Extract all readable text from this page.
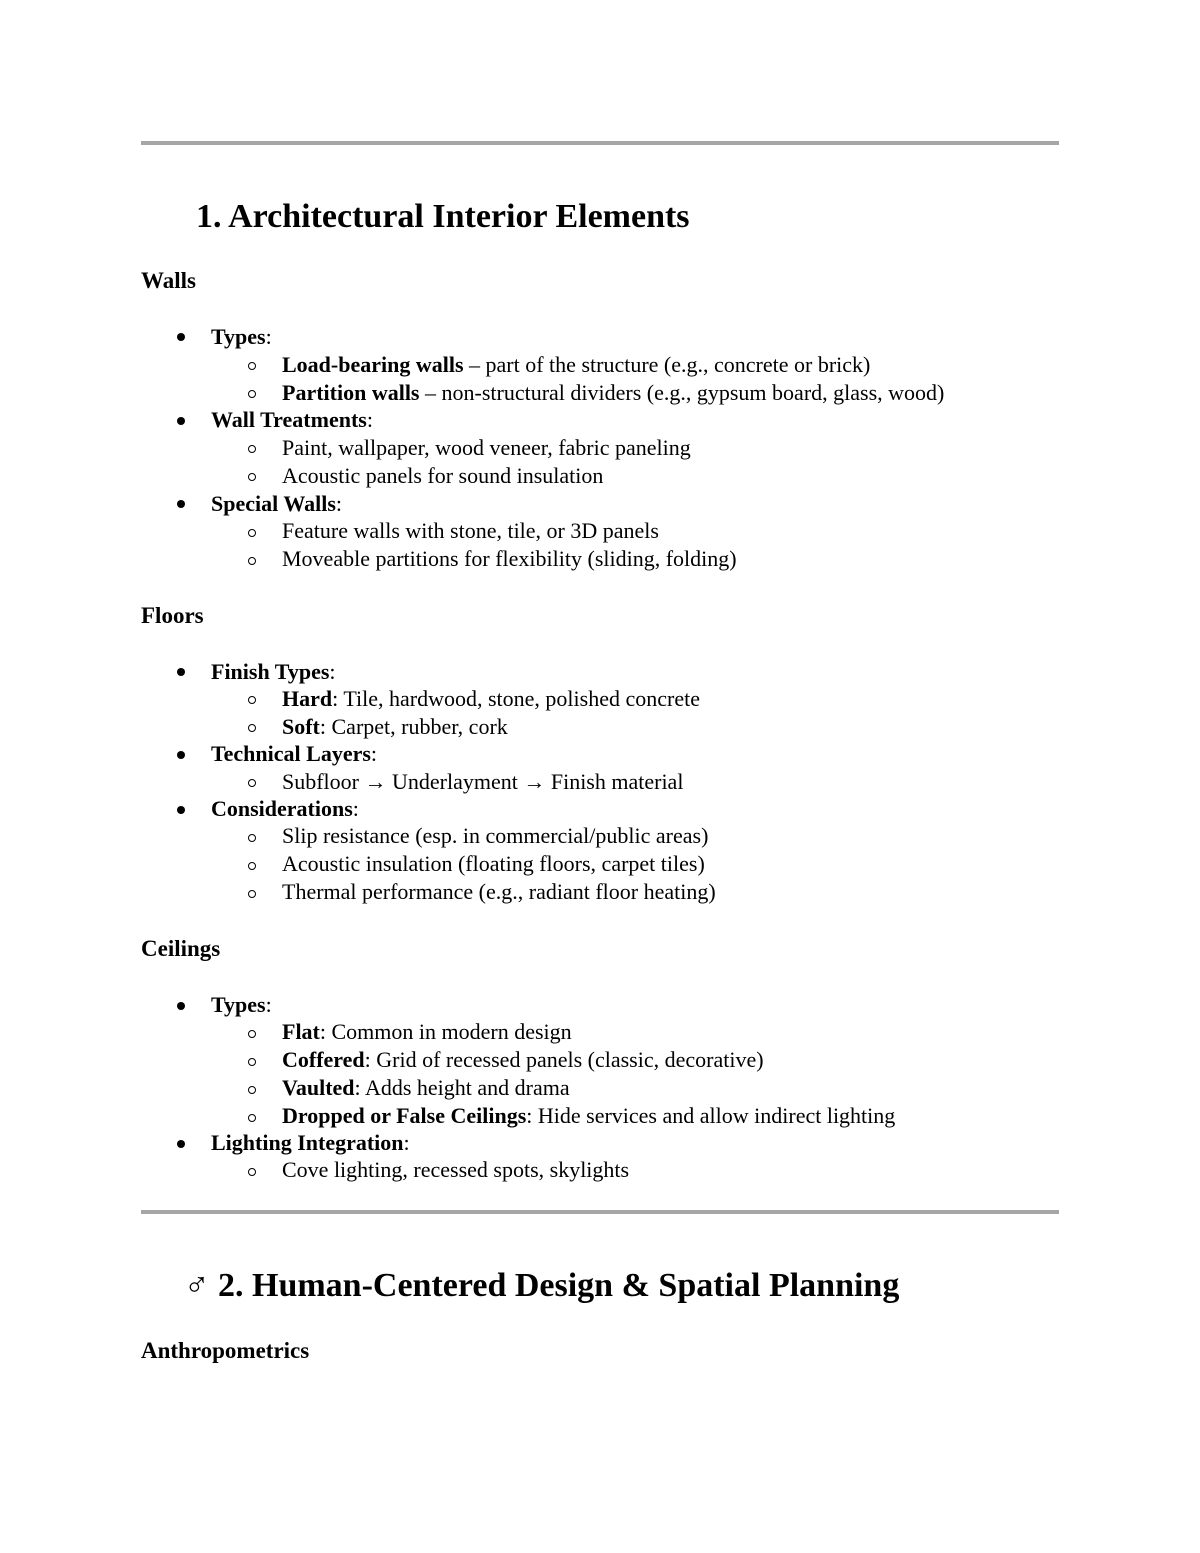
1. Architectural Interior Elements
Walls
Types:
Load-bearing walls – part of the structure (e.g., concrete or brick)
Partition walls – non-structural dividers (e.g., gypsum board, glass, wood)
Wall Treatments:
Paint, wallpaper, wood veneer, fabric paneling
Acoustic panels for sound insulation
Special Walls:
Feature walls with stone, tile, or 3D panels
Moveable partitions for flexibility (sliding, folding)
Floors
Finish Types:
Hard: Tile, hardwood, stone, polished concrete
Soft: Carpet, rubber, cork
Technical Layers:
Subfloor → Underlayment → Finish material
Considerations:
Slip resistance (esp. in commercial/public areas)
Acoustic insulation (floating floors, carpet tiles)
Thermal performance (e.g., radiant floor heating)
Ceilings
Types:
Flat: Common in modern design
Coffered: Grid of recessed panels (classic, decorative)
Vaulted: Adds height and drama
Dropped or False Ceilings: Hide services and allow indirect lighting
Lighting Integration:
Cove lighting, recessed spots, skylights
♂ 2. Human-Centered Design & Spatial Planning
Anthropometrics
